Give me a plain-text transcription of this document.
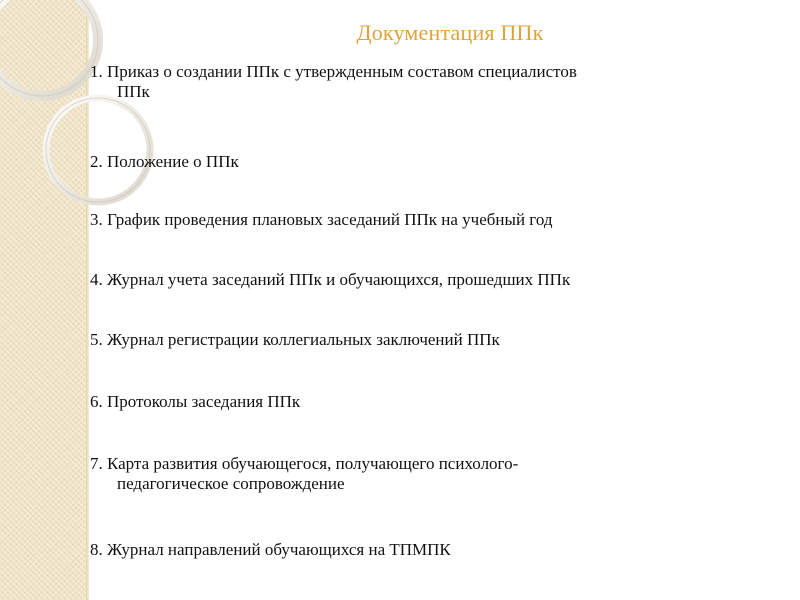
Документация ППк
1. Приказ о создании ППк с утвержденным составом специалистов
ППк
2. Положение о ППк
3. График проведения плановых заседаний ППк на учебный год
4. Журнал учета заседаний ППк и обучающихся, прошедших ППк
5. Журнал регистрации коллегиальных заключений ППк
6. Протоколы заседания ППк
7. Карта развития обучающегося, получающего психолого-
педагогическое сопровождение
8. Журнал направлений обучающихся на ТПМПК
